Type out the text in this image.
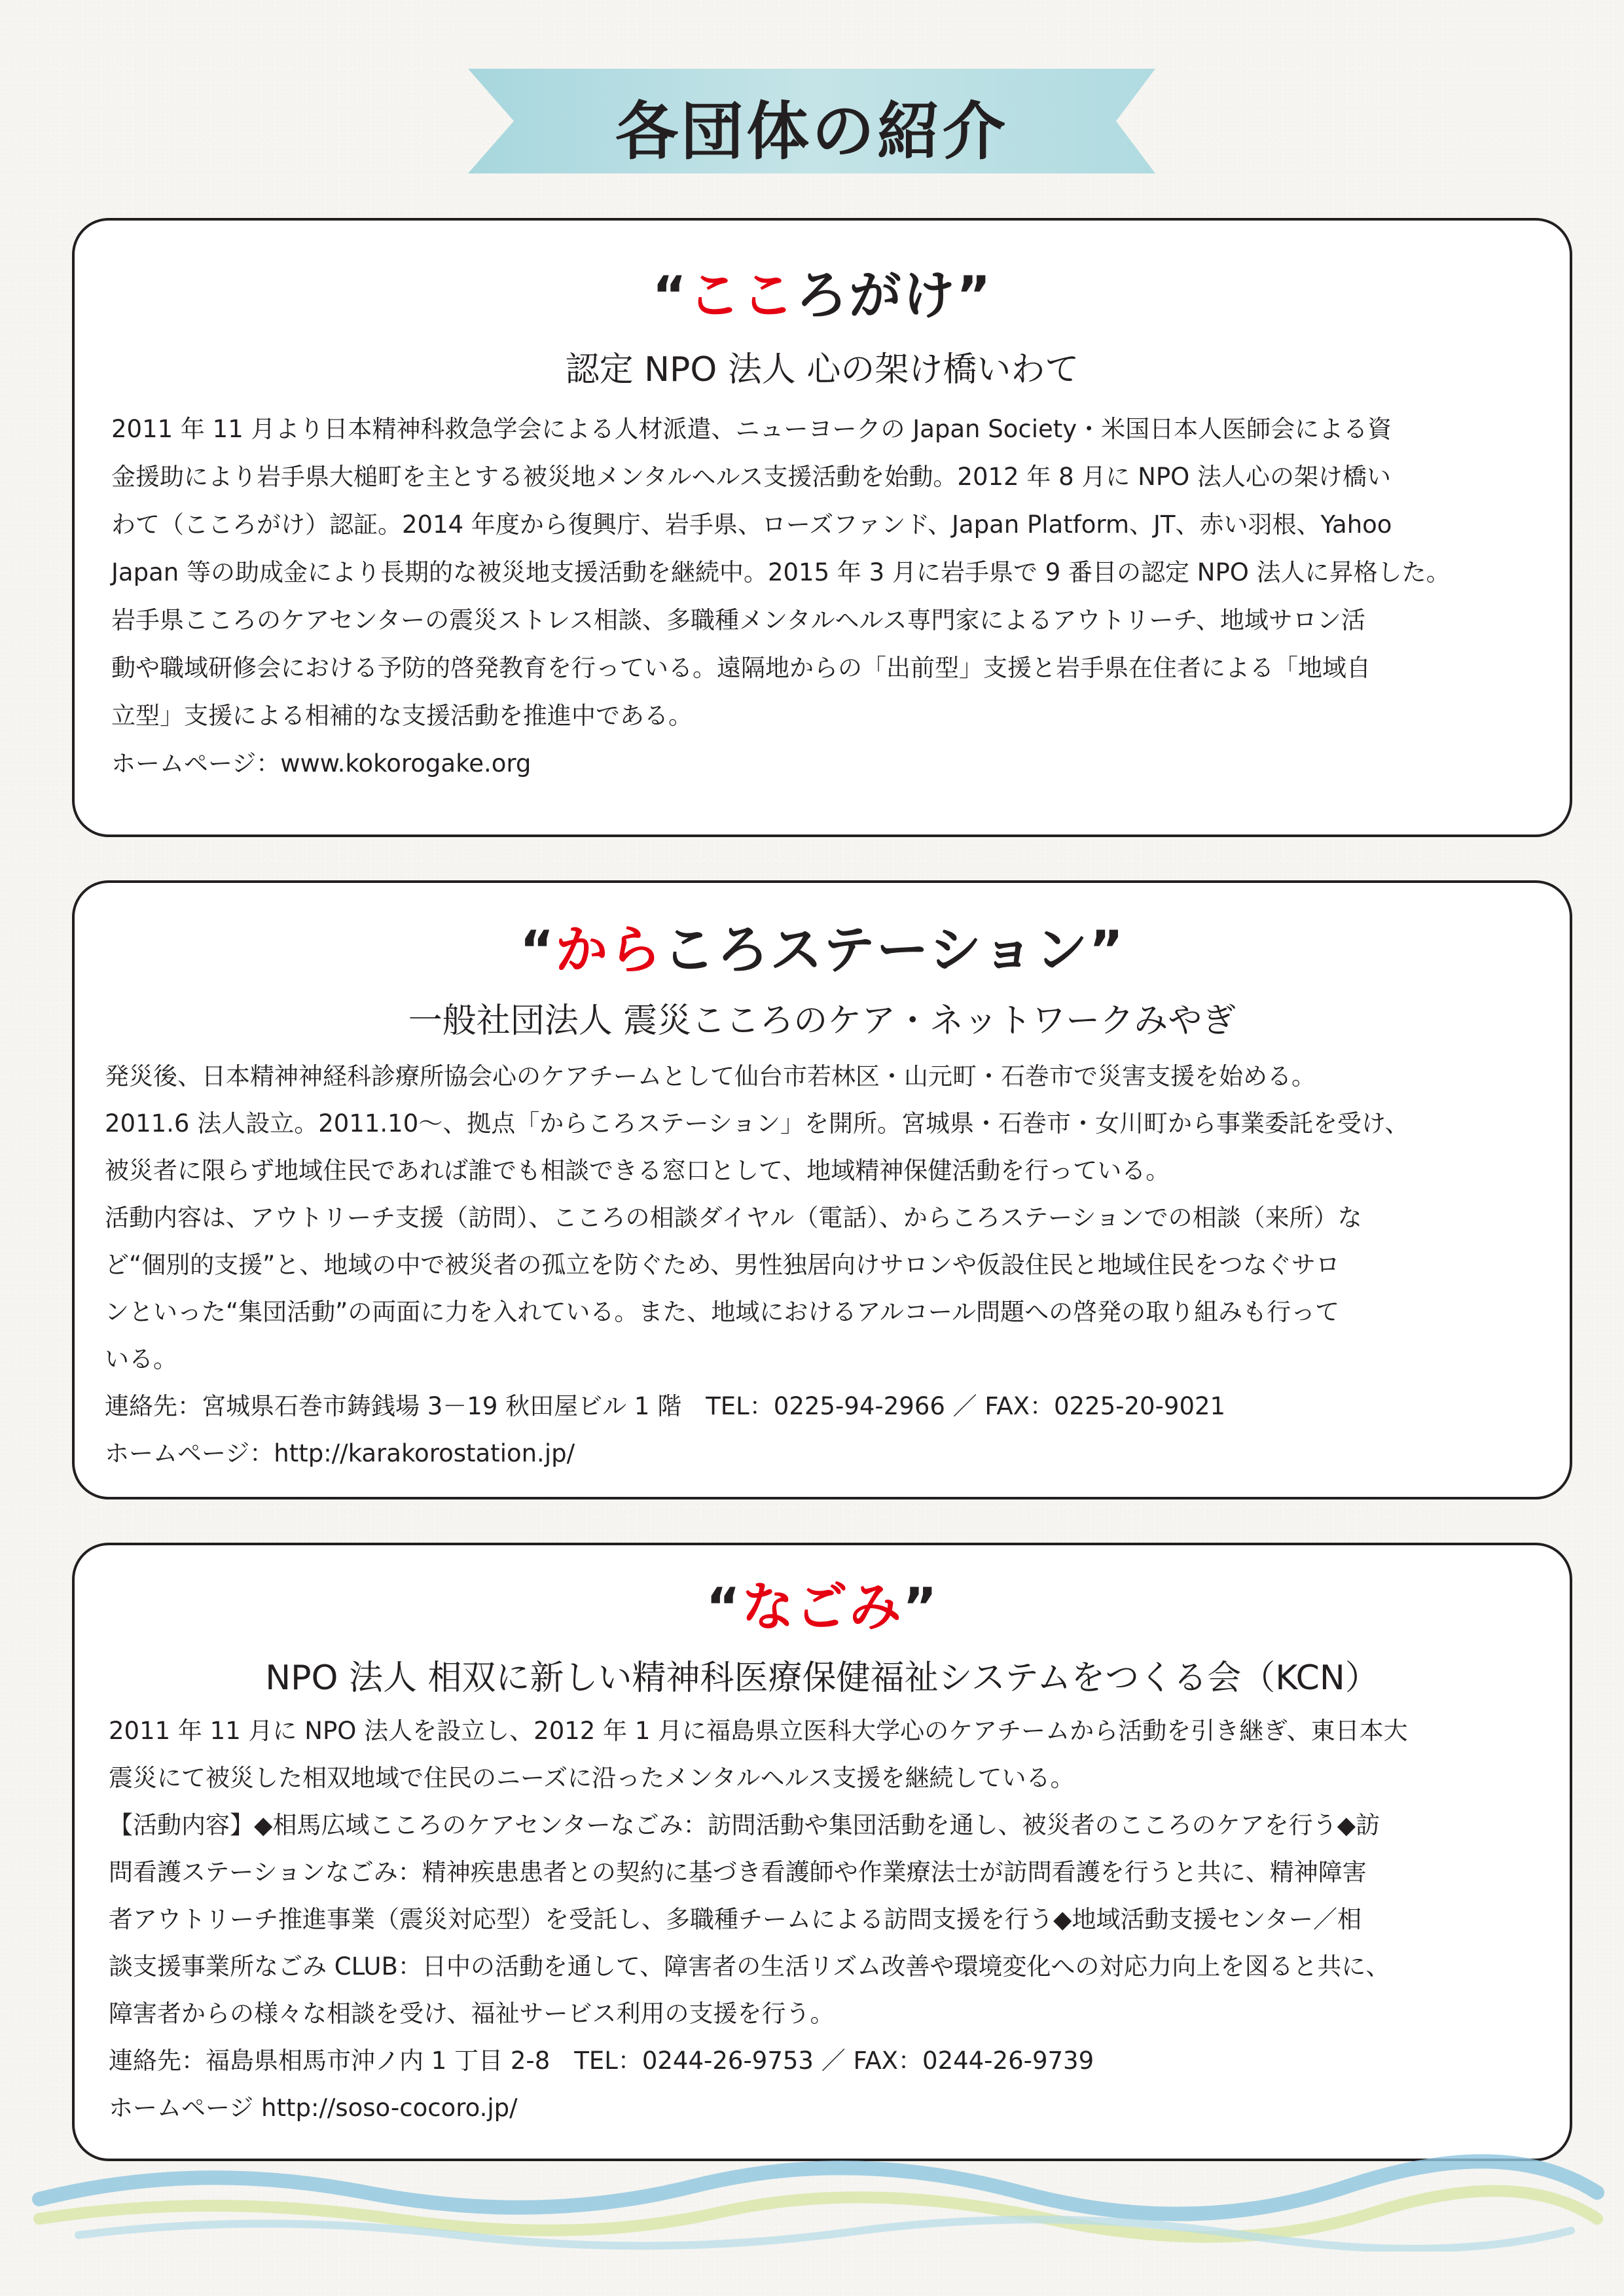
各団体の紹介
“こころがけ”
認定 NPO 法人 心の架け橋いわて

2011 年 11 月より日本精神科救急学会による人材派遣、ニューヨークの Japan Society・米国日本人医師会による資

金援助により岩手県大槌町を主とする被災地メンタルヘルス支援活動を始動。2012 年 8 月に NPO 法人心の架け橋い

わて（こころがけ）認証。2014 年度から復興庁、岩手県、ローズファンド、Japan Platform、JT、赤い羽根、Yahoo

Japan 等の助成金により長期的な被災地支援活動を継続中。2015 年 3 月に岩手県で 9 番目の認定 NPO 法人に昇格した。

岩手県こころのケアセンターの震災ストレス相談、多職種メンタルヘルス専門家によるアウトリーチ、地域サロン活

動や職域研修会における予防的啓発教育を行っている。遠隔地からの「出前型」支援と岩手県在住者による「地域自

立型」支援による相補的な支援活動を推進中である。

ホームページ：www.kokorogake.org

“からころステーション”
一般社団法人 震災こころのケア・ネットワークみやぎ

発災後、日本精神神経科診療所協会心のケアチームとして仙台市若林区・山元町・石巻市で災害支援を始める。

2011.6 法人設立。2011.10～、拠点「からころステーション」を開所。宮城県・石巻市・女川町から事業委託を受け、

被災者に限らず地域住民であれば誰でも相談できる窓口として、地域精神保健活動を行っている。

活動内容は、アウトリーチ支援（訪問）、こころの相談ダイヤル（電話）、からころステーションでの相談（来所）な

ど“個別的支援”と、地域の中で被災者の孤立を防ぐため、男性独居向けサロンや仮設住民と地域住民をつなぐサロ

ンといった“集団活動”の両面に力を入れている。また、地域におけるアルコール問題への啓発の取り組みも行って

いる。

連絡先：宮城県石巻市鋳銭場 3－19 秋田屋ビル 1 階　TEL：0225-94-2966 ／ FAX：0225-20-9021

ホームページ：http://karakorostation.jp/

“なごみ”
NPO 法人 相双に新しい精神科医療保健福祉システムをつくる会（KCN）

2011 年 11 月に NPO 法人を設立し、2012 年 1 月に福島県立医科大学心のケアチームから活動を引き継ぎ、東日本大

震災にて被災した相双地域で住民のニーズに沿ったメンタルヘルス支援を継続している。

【活動内容】◆相馬広域こころのケアセンターなごみ：訪問活動や集団活動を通し、被災者のこころのケアを行う◆訪

問看護ステーションなごみ：精神疾患患者との契約に基づき看護師や作業療法士が訪問看護を行うと共に、精神障害

者アウトリーチ推進事業（震災対応型）を受託し、多職種チームによる訪問支援を行う◆地域活動支援センター／相

談支援事業所なごみ CLUB：日中の活動を通して、障害者の生活リズム改善や環境変化への対応力向上を図ると共に、

障害者からの様々な相談を受け、福祉サービス利用の支援を行う。

連絡先：福島県相馬市沖ノ内 1 丁目 2-8　TEL：0244-26-9753 ／ FAX：0244-26-9739

ホームページ http://soso-cocoro.jp/
